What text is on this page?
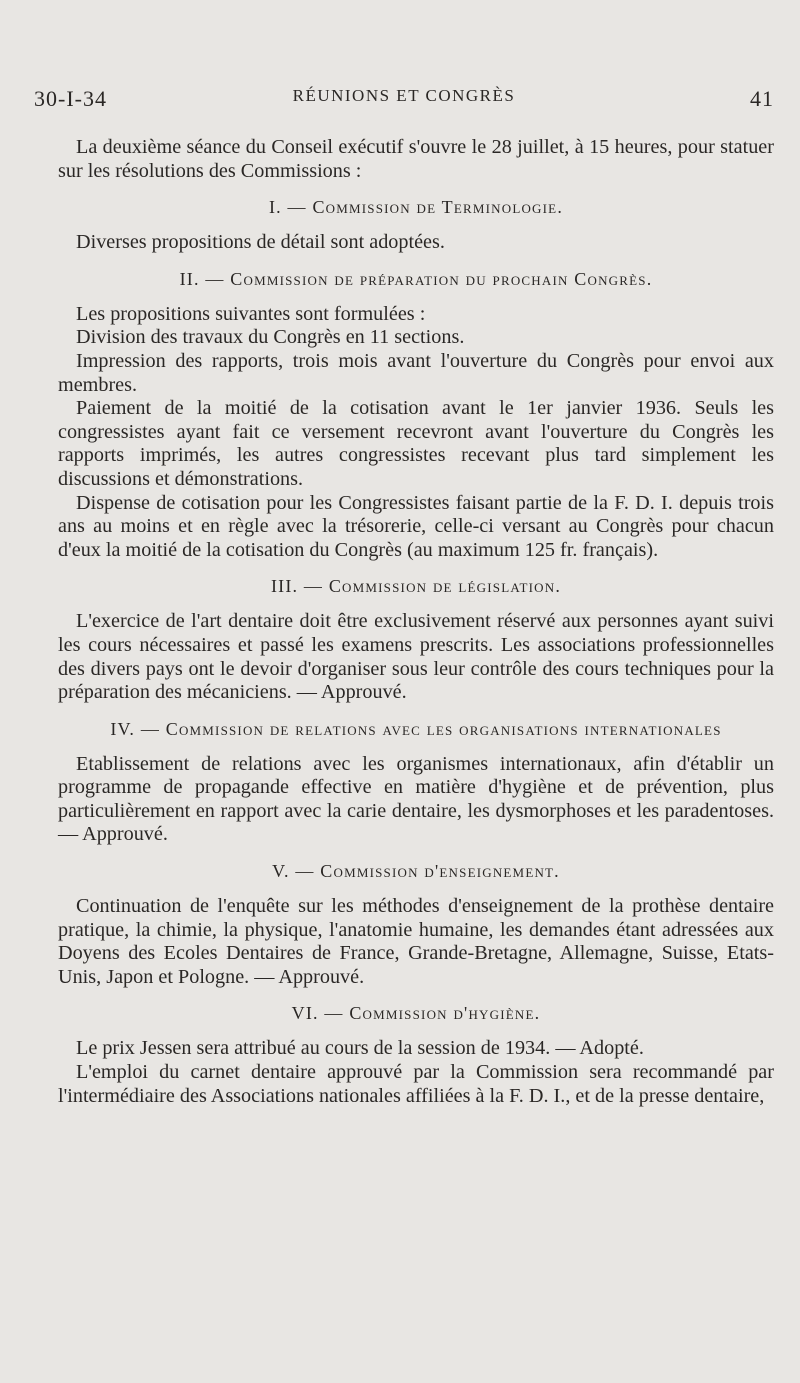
30-I-34	RÉUNIONS ET CONGRÈS	41

La deuxième séance du Conseil exécutif s'ouvre le 28 juillet, à 15 heures, pour statuer sur les résolutions des Commissions :

I. — Commission de Terminologie.

Diverses propositions de détail sont adoptées.

II. — Commission de préparation du prochain Congrès.

Les propositions suivantes sont formulées :

Division des travaux du Congrès en 11 sections.

Impression des rapports, trois mois avant l'ouverture du Congrès pour envoi aux membres.

Paiement de la moitié de la cotisation avant le 1er janvier 1936. Seuls les congressistes ayant fait ce versement recevront avant l'ouverture du Congrès les rapports imprimés, les autres congressistes recevant plus tard simplement les discussions et démonstrations.

Dispense de cotisation pour les Congressistes faisant partie de la F. D. I. depuis trois ans au moins et en règle avec la trésorerie, celle-ci versant au Congrès pour chacun d'eux la moitié de la cotisation du Congrès (au maximum 125 fr. français).

III. — Commission de législation.

L'exercice de l'art dentaire doit être exclusivement réservé aux personnes ayant suivi les cours nécessaires et passé les examens prescrits. Les associations professionnelles des divers pays ont le devoir d'organiser sous leur contrôle des cours techniques pour la préparation des mécaniciens. — Approuvé.

IV. — Commission de relations avec les organisations internationales

Etablissement de relations avec les organismes internationaux, afin d'établir un programme de propagande effective en matière d'hygiène et de prévention, plus particulièrement en rapport avec la carie dentaire, les dysmorphoses et les paradentoses. — Approuvé.

V. — Commission d'enseignement.

Continuation de l'enquête sur les méthodes d'enseignement de la prothèse dentaire pratique, la chimie, la physique, l'anatomie humaine, les demandes étant adressées aux Doyens des Ecoles Dentaires de France, Grande-Bretagne, Allemagne, Suisse, Etats-Unis, Japon et Pologne. — Approuvé.

VI. — Commission d'hygiène.

Le prix Jessen sera attribué au cours de la session de 1934. — Adopté.

L'emploi du carnet dentaire approuvé par la Commission sera recommandé par l'intermédiaire des Associations nationales affiliées à la F. D. I., et de la presse dentaire,
